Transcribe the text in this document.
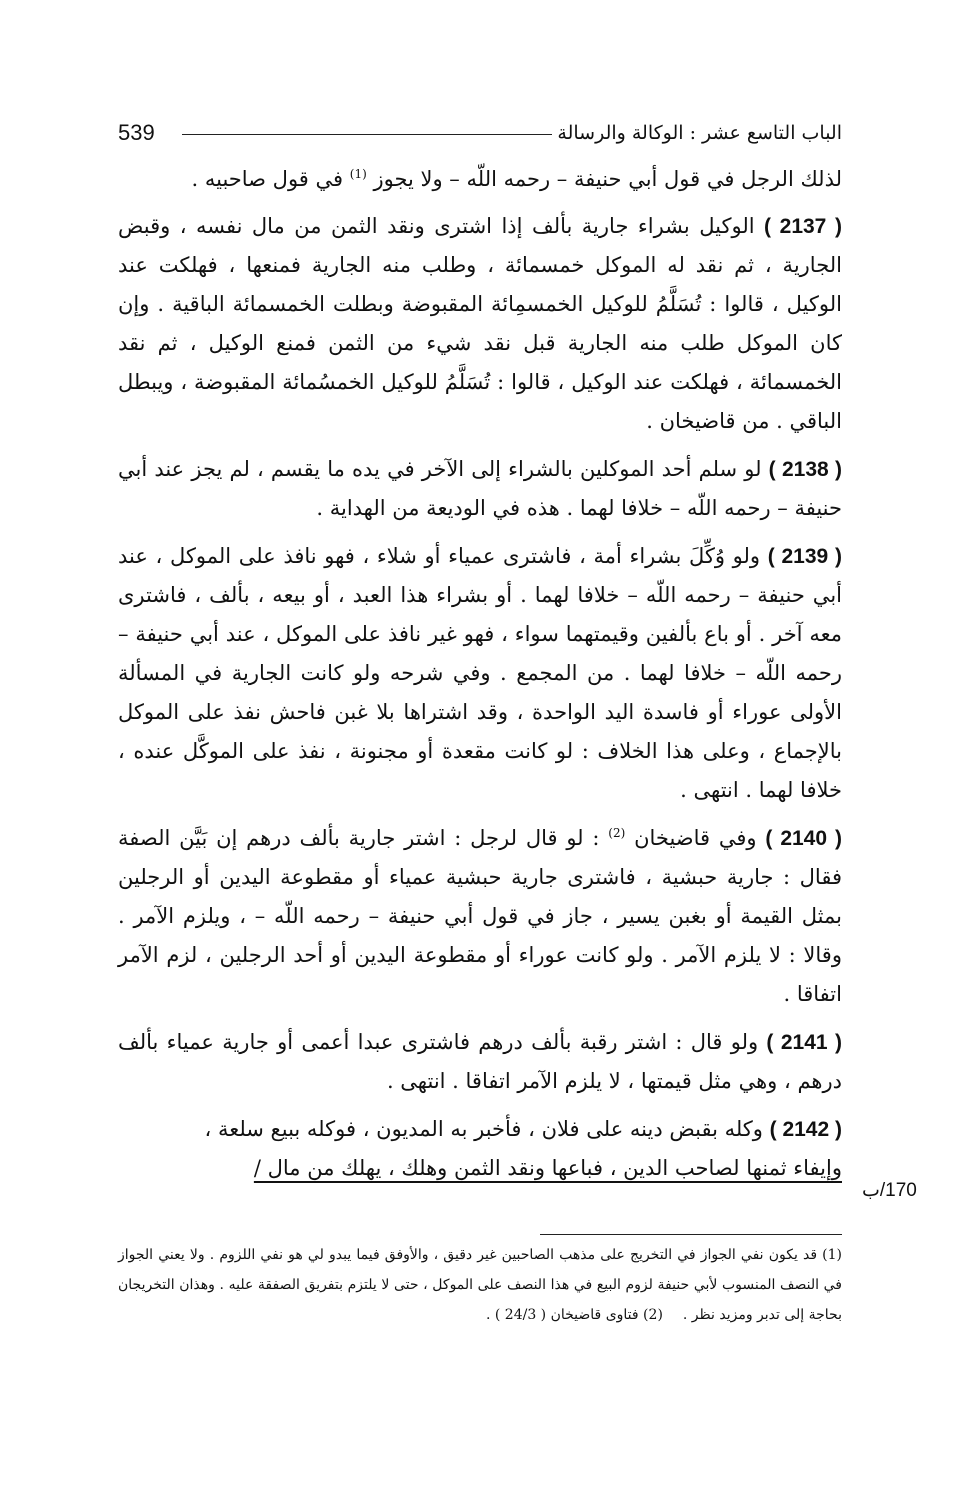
539	الباب التاسع عشر : الوكالة والرسالة

لذلك الرجل في قول أبي حنيفة – رحمه اللّه – ولا يجوز $^{(1)}$ في قول صاحبيه .

( 2137 ) الوكيل بشراء جارية بألف إذا اشترى ونقد الثمن من مال نفسه ، وقبض الجارية ، ثم نقد له الموكل خمسمائة ، وطلب منه الجارية فمنعها ، فهلكت عند الوكيل ، قالوا : تُسَلَّمُ للوكيل الخمسمِائة المقبوضة وبطلت الخمسمائة الباقية . وإن كان الموكل طلب منه الجارية قبل نقد شيء من الثمن فمنع الوكيل ، ثم نقد الخمسمائة ، فهلكت عند الوكيل ، قالوا : تُسَلَّمُ للوكيل الخمسُمائة المقبوضة ، ويبطل الباقي . من قاضيخان .

( 2138 ) لو سلم أحد الموكلين بالشراء إلى الآخر في يده ما يقسم ، لم يجز عند أبي حنيفة – رحمه اللّه – خلافا لهما . هذه في الوديعة من الهداية .

( 2139 ) ولو وُكِّلَ بشراء أمة ، فاشترى عمياء أو شلاء ، فهو نافذ على الموكل ، عند أبي حنيفة – رحمه اللّه – خلافا لهما . أو بشراء هذا العبد ، أو بيعه ، بألف ، فاشترى معه آخر . أو باع بألفين وقيمتهما سواء ، فهو غير نافذ على الموكل ، عند أبي حنيفة – رحمه اللّه – خلافا لهما . من المجمع . وفي شرحه ولو كانت الجارية في المسألة الأولى عوراء أو فاسدة اليد الواحدة ، وقد اشتراها بلا غبن فاحش نفذ على الموكل بالإجماع ، وعلى هذا الخلاف : لو كانت مقعدة أو مجنونة ، نفذ على الموكَّل عنده ، خلافا لهما . انتهى .

( 2140 ) وفي قاضيخان $^{(2)}$ : لو قال لرجل : اشتر جارية بألف درهم إن بَيَّن الصفة فقال : جارية حبشية ، فاشترى جارية حبشية عمياء أو مقطوعة اليدين أو الرجلين بمثل القيمة أو بغبن يسير ، جاز في قول أبي حنيفة – رحمه اللّه – ، ويلزم الآمر . وقالا : لا يلزم الآمر . ولو كانت عوراء أو مقطوعة اليدين أو أحد الرجلين ، لزم الآمر اتفاقا .

( 2141 ) ولو قال : اشتر رقبة بألف درهم فاشترى عبدا أعمى أو جارية عمياء بألف درهم ، وهي مثل قيمتها ، لا يلزم الآمر اتفاقا . انتهى .

( 2142 ) وكله بقبض دينه على فلان ، فأخبر به المديون ، فوكله ببيع سلعة ،
وإيفاء ثمنها لصاحب الدين ، فباعها ونقد الثمن وهلك ، يهلك من مال /

170/ب
(1) قد يكون نفي الجواز في التخريج على مذهب الصاحبين غير دقيق ، والأوفق فيما يبدو لي هو نفي اللزوم . ولا يعني الجواز في النصف المنسوب لأبي حنيفة لزوم البيع في هذا النصف على الموكل ، حتى لا يلتزم بتفريق الصفقة عليه . وهذان التخريجان بحاجة إلى تدبر ومزيد نظر .(2) فتاوى قاضيخان ( 24/3 ) .
